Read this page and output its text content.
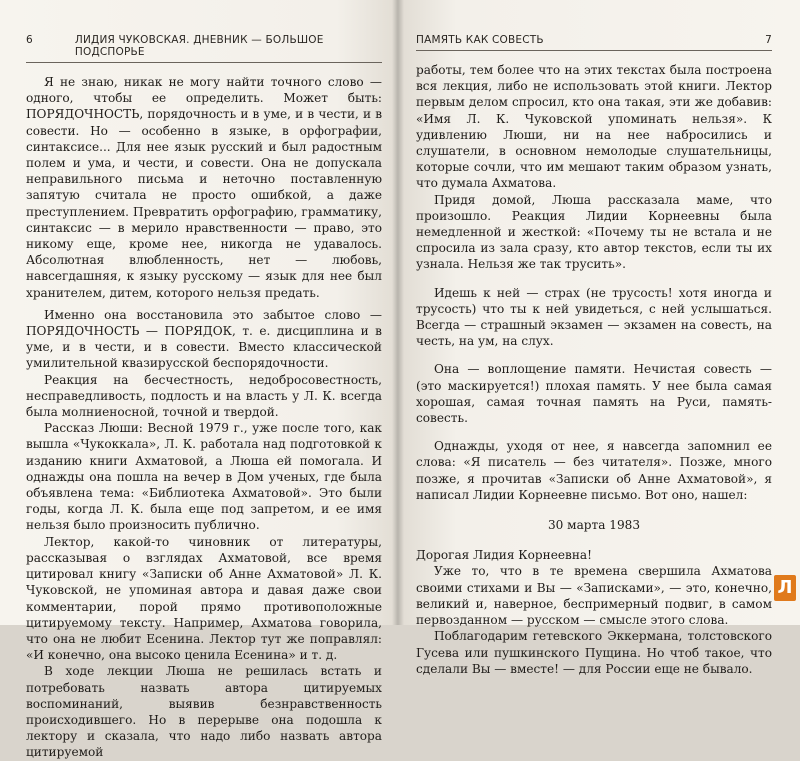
6	ЛИДИЯ ЧУКОВСКАЯ. ДНЕВНИК — БОЛЬШОЕ ПОДСПОРЬЕ

Я не знаю, никак не могу найти точного слово — одного, чтобы ее определить. Может быть: ПОРЯДОЧНОСТЬ, порядочность и в уме, и в чести, и в совести. Но — особенно в языке, в орфографии, синтаксисе... Для нее язык русский и был радостным полем и ума, и чести, и совести. Она не допускала неправильного письма и неточно поставленную запятую считала не просто ошибкой, а даже преступлением. Превратить орфографию, грамматику, синтаксис — в мерило нравственности — право, это никому еще, кроме нее, никогда не удавалось. Абсолютная влюбленность, нет — любовь, навсегдашняя, к языку русскому — язык для нее был хранителем, дитем, которого нельзя предать.

Именно она восстановила это забытое слово — ПОРЯДОЧНОСТЬ — ПОРЯДОК, т. е. дисциплина и в уме, и в чести, и в совести. Вместо классической умилительной квазирусской беспорядочности.

Реакция на бесчестность, недобросовестность, несправедливость, подлость и на власть у Л. К. всегда была молниеносной, точной и твердой.

Рассказ Люши: Весной 1979 г., уже после того, как вышла «Чукоккала», Л. К. работала над подготовкой к изданию книги Ахматовой, а Люша ей помогала. И однажды она пошла на вечер в Дом ученых, где была объявлена тема: «Библиотека Ахматовой». Это были годы, когда Л. К. была еще под запретом, и ее имя нельзя было произносить публично.

Лектор, какой-то чиновник от литературы, рассказывая о взглядах Ахматовой, все время цитировал книгу «Записки об Анне Ахматовой» Л. К. Чуковской, не упоминая автора и давая даже свои комментарии, порой прямо противоположные цитируемому тексту. Например, Ахматова говорила, что она не любит Есенина. Лектор тут же поправлял: «И конечно, она высоко ценила Есенина» и т. д.

В ходе лекции Люша не решилась встать и потребовать назвать автора цитируемых воспоминаний, выявив безнравственность происходившего. Но в перерыве она подошла к лектору и сказала, что надо либо назвать автора цитируемой

ПАМЯТЬ КАК СОВЕСТЬ	7

работы, тем более что на этих текстах была построена вся лекция, либо не использовать этой книги. Лектор первым делом спросил, кто она такая, эти же добавив: «Имя Л. К. Чуковской упоминать нельзя». К удивлению Люши, ни на нее набросились и слушатели, в основном немолодые слушательницы, которые сочли, что им мешают таким образом узнать, что думала Ахматова.

Придя домой, Люша рассказала маме, что произошло. Реакция Лидии Корнеевны была немедленной и жесткой: «Почему ты не встала и не спросила из зала сразу, кто автор текстов, если ты их узнала. Нельзя же так трусить».

Идешь к ней — страх (не трусость! хотя иногда и трусость) что ты к ней увидеться, с ней услышаться. Всегда — страшный экзамен — экзамен на совесть, на честь, на ум, на слух.

Она — воплощение памяти. Нечистая совесть — (это маскируется!) плохая память. У нее была самая хорошая, самая точная память на Руси, память-совесть.

Однажды, уходя от нее, я навсегда запомнил ее слова: «Я писатель — без читателя». Позже, много позже, я прочитав «Записки об Анне Ахматовой», я написал Лидии Корнеевне письмо. Вот оно, нашел:

30 марта 1983

Дорогая Лидия Корнеевна!

Уже то, что в те времена свершила Ахматова своими стихами и Вы — «Записками», — это, конечно, великий и, наверное, беспримерный подвиг, в самом первозданном — русском — смысле этого слова.

Поблагодарим гетевского Эккермана, толстовского Гусева или пушкинского Пущина. Но чтоб такое, что сделали Вы — вместе! — для России еще не бывало.

Л
